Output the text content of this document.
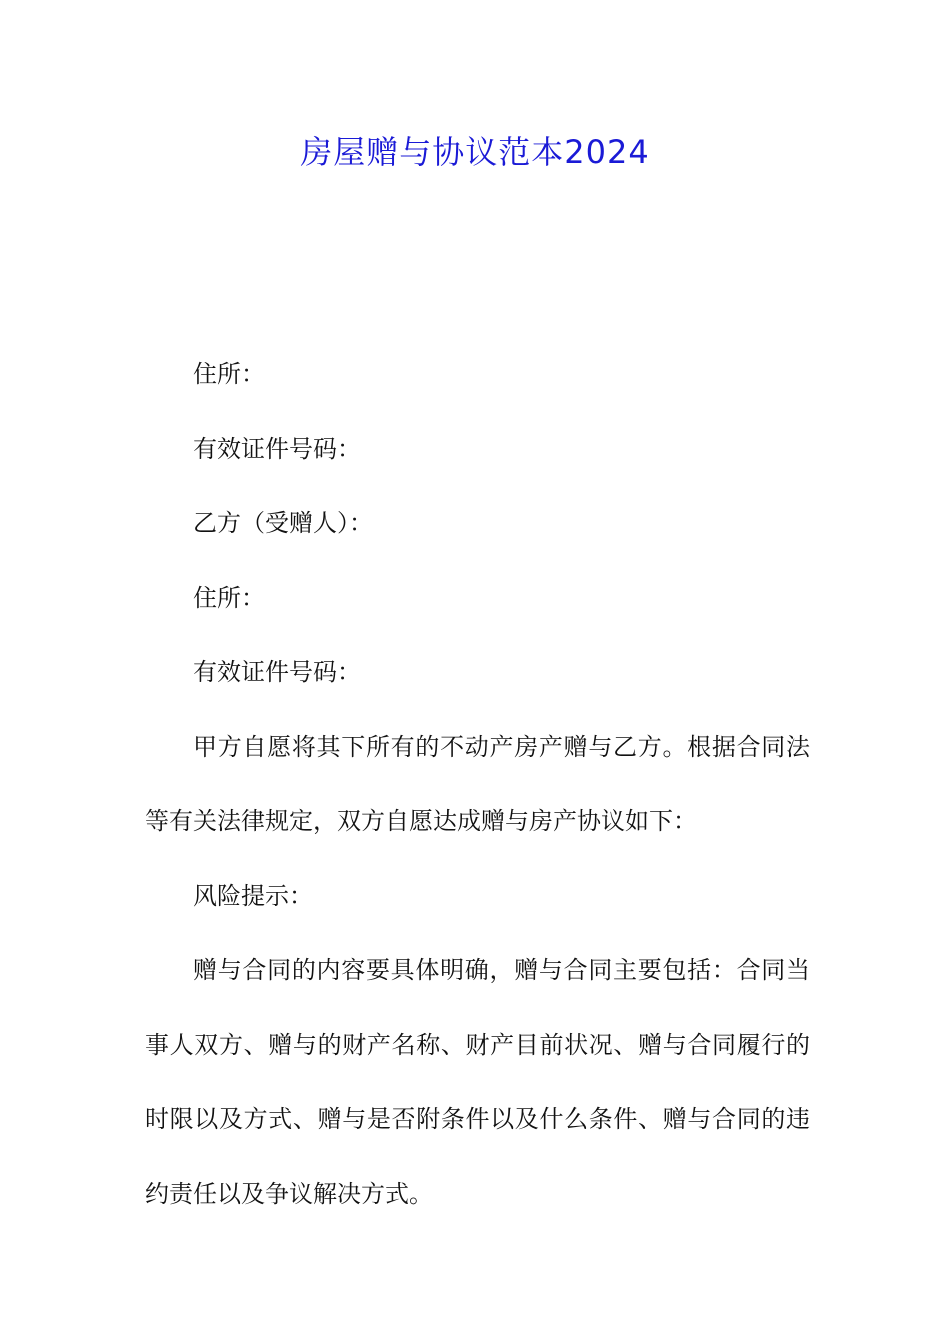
房屋赠与协议范本2024

住所：

有效证件号码：

乙方（受赠人）：

住所：

有效证件号码：

甲方自愿将其下所有的不动产房产赠与乙方。根据合同法等有关法律规定，双方自愿达成赠与房产协议如下：

风险提示：

赠与合同的内容要具体明确，赠与合同主要包括：合同当事人双方、赠与的财产名称、财产目前状况、赠与合同履行的时限以及方式、赠与是否附条件以及什么条件、赠与合同的违约责任以及争议解决方式。
